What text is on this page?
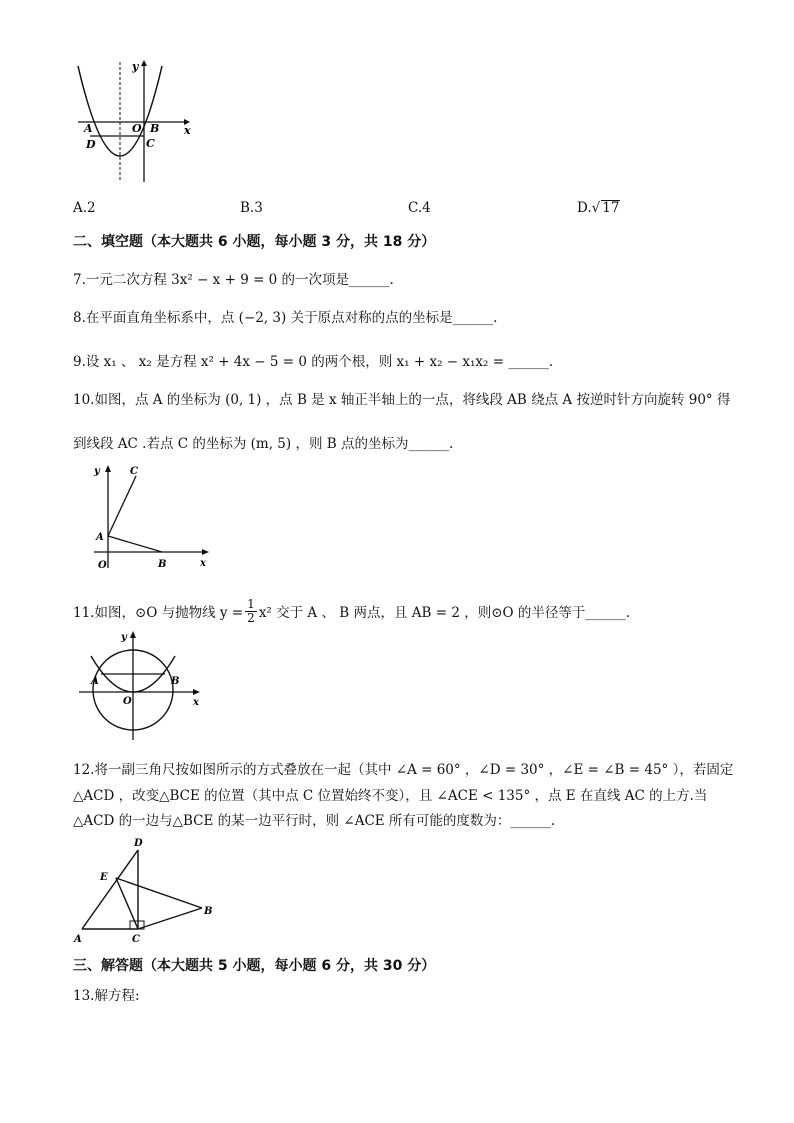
y
x
A	O B
D	C
A.2	B.3	C.4	D.√ 17
二、填空题（本大题共 6 小题，每小题 3 分，共 18 分）
7.一元二次方程 3x² − x + 9 = 0 的一次项是______.
8.在平面直角坐标系中，点 (−2, 3) 关于原点对称的点的坐标是______.
9.设 x₁ 、 x₂ 是方程 x² + 4x − 5 = 0 的两个根，则 x₁ + x₂ − x₁x₂ = ______.
10.如图，点 A 的坐标为 (0, 1) ，点 B 是 x 轴正半轴上的一点，将线段 AB 绕点 A 按逆时针方向旋转 90° 得
到线段 AC .若点 C 的坐标为 (m, 5) ，则 B 点的坐标为______.
y	C
A
O	B	x
11.如图，⊙O 与抛物线 $y = \frac{1}{2} x^2$ 交于 A 、 B 两点，且 AB = 2 ，则⊙O 的半径等于______.
y
A	B
O	x
12.将一副三角尺按如图所示的方式叠放在一起（其中 ∠A = 60° ，∠D = 30° ，∠E = ∠B = 45° ），若固定
△ACD ，改变△BCE 的位置（其中点 C 位置始终不变），且 ∠ACE < 135° ，点 E 在直线 AC 的上方.当
△ACD 的一边与△BCE 的某一边平行时，则 ∠ACE 所有可能的度数为：______.
D
E
B
A	C
三、解答题（本大题共 5 小题，每小题 6 分，共 30 分）
13.解方程:
